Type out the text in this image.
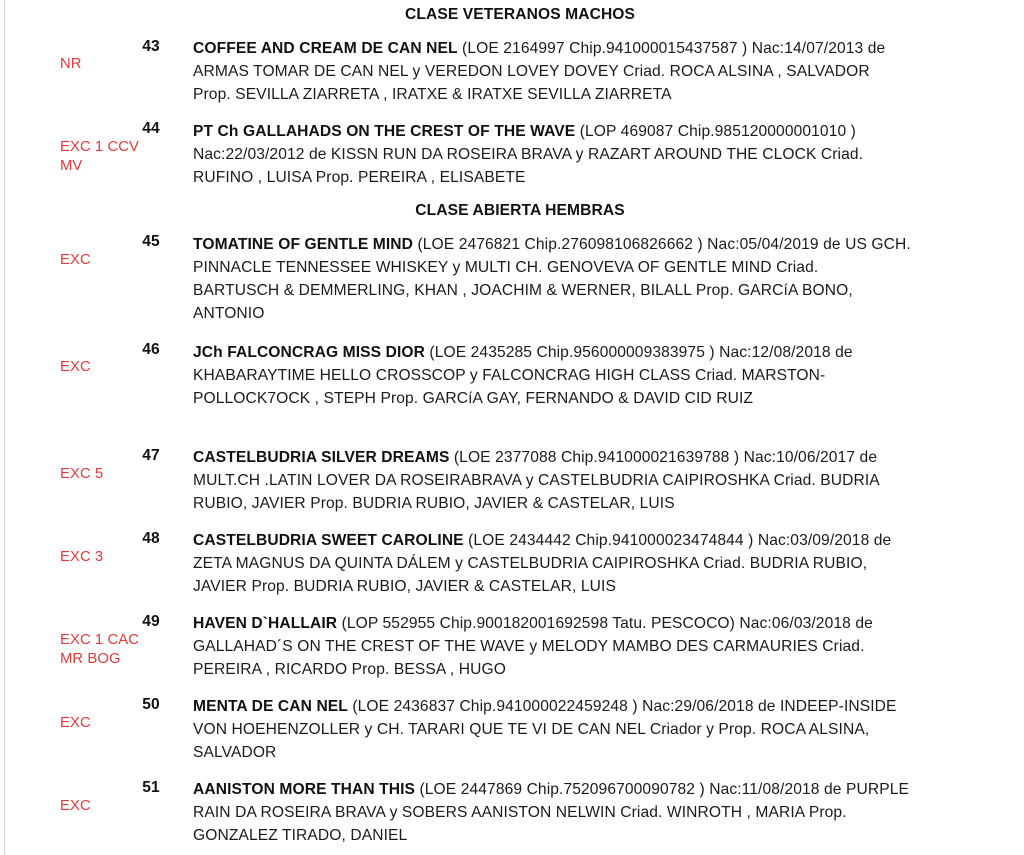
CLASE VETERANOS MACHOS
NR
43 COFFEE AND CREAM DE CAN NEL (LOE 2164997 Chip.941000015437587 ) Nac:14/07/2013 de
ARMAS TOMAR DE CAN NEL y VEREDON LOVEY DOVEY Criad. ROCA ALSINA , SALVADOR
Prop. SEVILLA ZIARRETA , IRATXE & IRATXE SEVILLA ZIARRETA
EXC 1 CCV
MV
44 PT Ch GALLAHADS ON THE CREST OF THE WAVE (LOP 469087 Chip.985120000001010 )
Nac:22/03/2012 de KISSN RUN DA ROSEIRA BRAVA y RAZART AROUND THE CLOCK Criad.
RUFINO , LUISA Prop. PEREIRA , ELISABETE
CLASE ABIERTA HEMBRAS
EXC
45 TOMATINE OF GENTLE MIND (LOE 2476821 Chip.276098106826662 ) Nac:05/04/2019 de US GCH.
PINNACLE TENNESSEE WHISKEY y MULTI CH. GENOVEVA OF GENTLE MIND Criad.
BARTUSCH & DEMMERLING, KHAN , JOACHIM & WERNER, BILALL Prop. GARCíA BONO,
ANTONIO
EXC
46 JCh FALCONCRAG MISS DIOR (LOE 2435285 Chip.956000009383975 ) Nac:12/08/2018 de
KHABARAYTIME HELLO CROSSCOP y FALCONCRAG HIGH CLASS Criad. MARSTON-
POLLOCK7OCK , STEPH Prop. GARCíA GAY, FERNANDO & DAVID CID RUIZ
EXC 5
47 CASTELBUDRIA SILVER DREAMS (LOE 2377088 Chip.941000021639788 ) Nac:10/06/2017 de
MULT.CH .LATIN LOVER DA ROSEIRABRAVA y CASTELBUDRIA CAIPIROSHKA Criad. BUDRIA
RUBIO, JAVIER Prop. BUDRIA RUBIO, JAVIER & CASTELAR, LUIS
EXC 3
48 CASTELBUDRIA SWEET CAROLINE (LOE 2434442 Chip.941000023474844 ) Nac:03/09/2018 de
ZETA MAGNUS DA QUINTA DÁLEM y CASTELBUDRIA CAIPIROSHKA Criad. BUDRIA RUBIO,
JAVIER Prop. BUDRIA RUBIO, JAVIER & CASTELAR, LUIS
EXC 1 CAC
MR BOG
49 HAVEN D`HALLAIR (LOP 552955 Chip.900182001692598 Tatu. PESCOCO) Nac:06/03/2018 de
GALLAHAD´S ON THE CREST OF THE WAVE y MELODY MAMBO DES CARMAURIES Criad.
PEREIRA , RICARDO Prop. BESSA , HUGO
EXC
50 MENTA DE CAN NEL (LOE 2436837 Chip.941000022459248 ) Nac:29/06/2018 de INDEEP-INSIDE
VON HOEHENZOLLER y CH. TARARI QUE TE VI DE CAN NEL Criador y Prop. ROCA ALSINA,
SALVADOR
EXC
51 AANISTON MORE THAN THIS (LOE 2447869 Chip.752096700090782 ) Nac:11/08/2018 de PURPLE
RAIN DA ROSEIRA BRAVA y SOBERS AANISTON NELWIN Criad. WINROTH , MARIA Prop.
GONZALEZ TIRADO, DANIEL
